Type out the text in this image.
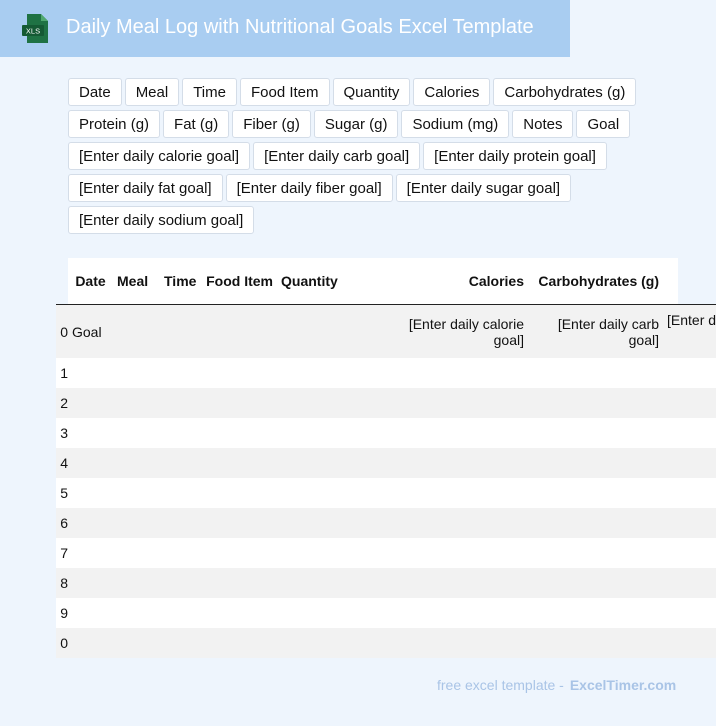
XLS Daily Meal Log with Nutritional Goals Excel Template
Date	Meal	Time	Food Item	Quantity	Calories	Carbohydrates (g)
Protein (g)	Fat (g)	Fiber (g)	Sugar (g)	Sodium (mg)	Notes	Goal
[Enter daily calorie goal]	[Enter daily carb goal]	[Enter daily protein goal]
[Enter daily fat goal]	[Enter daily fiber goal]	[Enter daily sugar goal]
[Enter daily sodium goal]
	Date	Meal	Time	Food Item	Quantity	Calories	Carbohydrates (g)	
0	Goal					[Enter daily calorie goal]	[Enter daily carb goal]	[Enter d
1								
2								
3								
4								
5								
6								
7								
8								
9								
0								
free excel template - ExcelTimer.com
